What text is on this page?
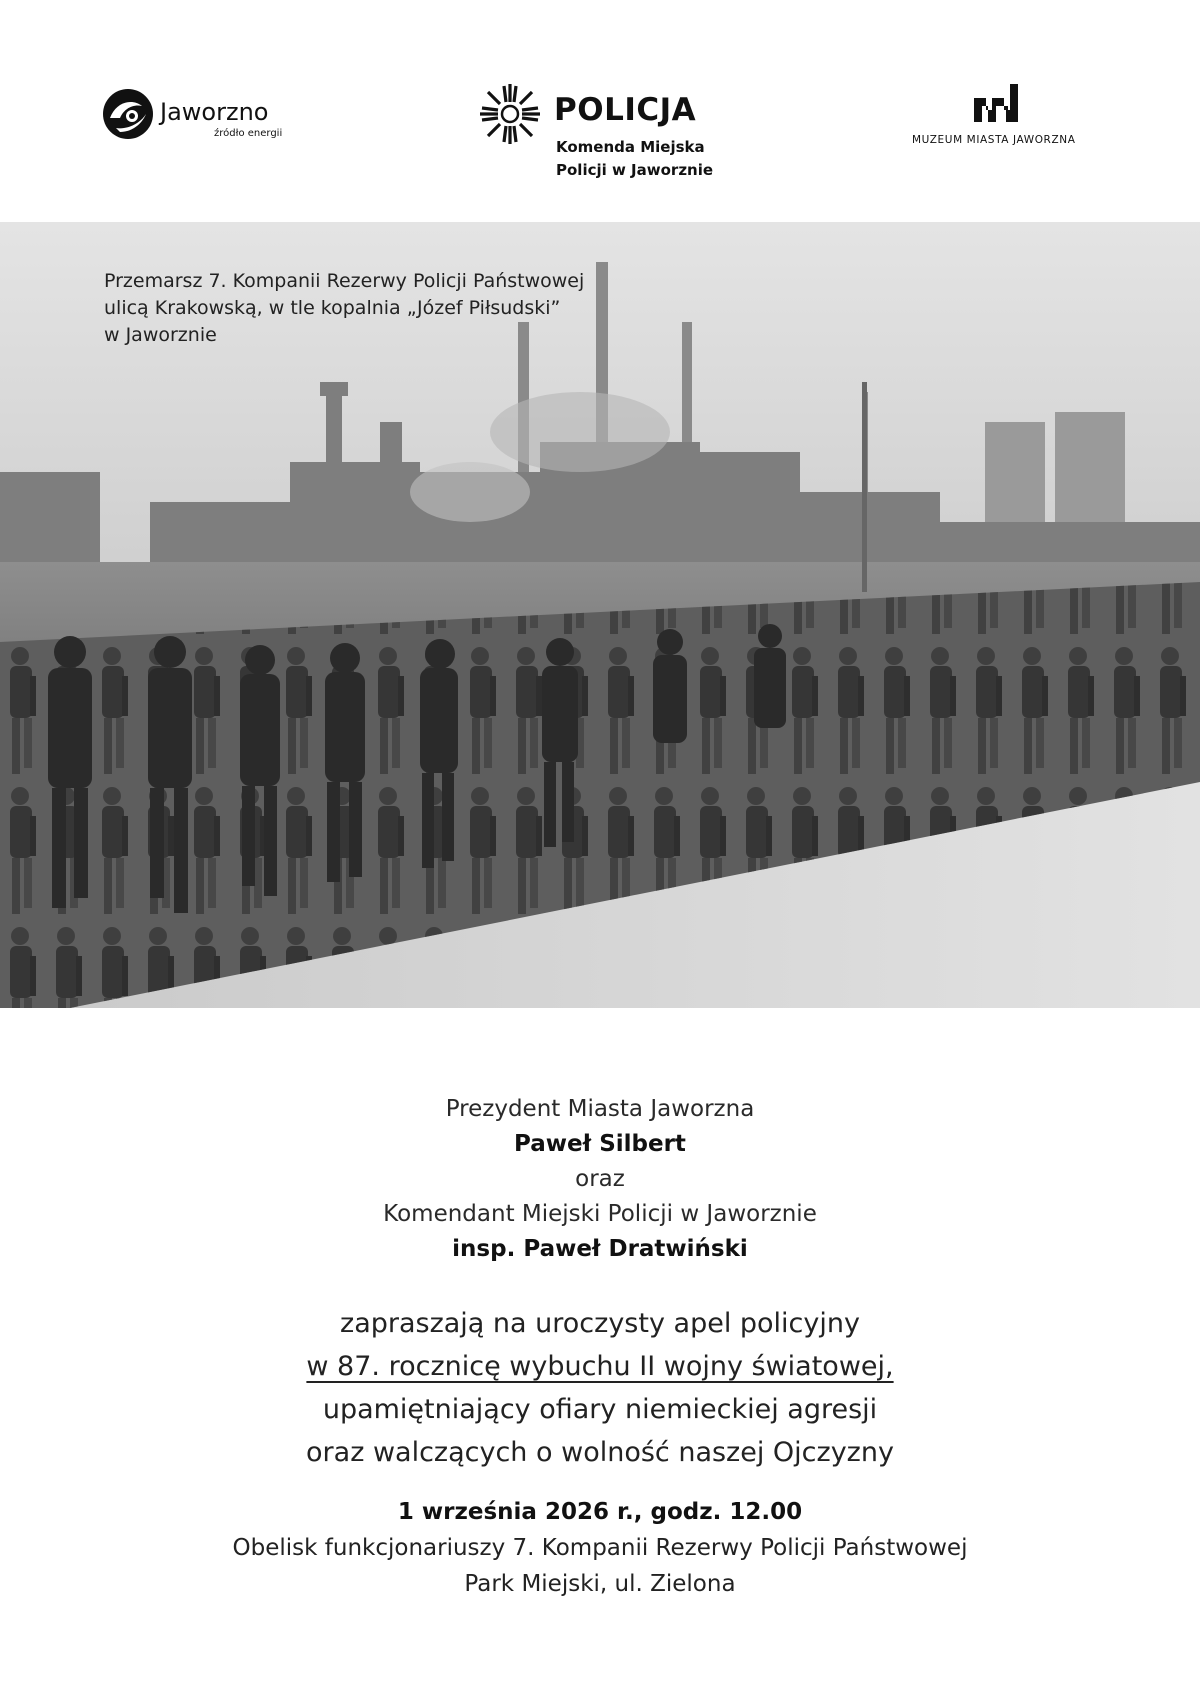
Jaworzno
źródło energii
POLICJA
Komenda Miejska
Policji w Jaworznie
MUZEUM MIASTA JAWORZNA
Przemarsz 7. Kompanii Rezerwy Policji Państwowej
ulicą Krakowską, w tle kopalnia „Józef Piłsudski”
w Jaworznie
Prezydent Miasta Jaworzna
Paweł Silbert
oraz
Komendant Miejski Policji w Jaworznie
insp. Paweł Dratwiński
zapraszają na uroczysty apel policyjny
w 87. rocznicę wybuchu II wojny światowej,
upamiętniający ofiary niemieckiej agresji
oraz walczących o wolność naszej Ojczyzny
1 września 2026 r., godz. 12.00
Obelisk funkcjonariuszy 7. Kompanii Rezerwy Policji Państwowej
Park Miejski, ul. Zielona
